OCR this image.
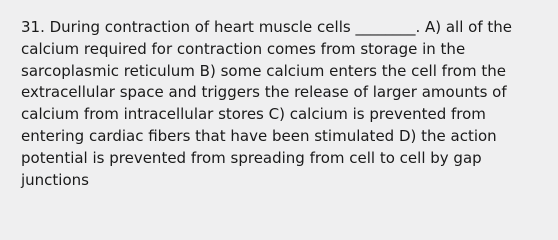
31. During contraction of heart muscle cells ________. A) all of the
calcium required for contraction comes from storage in the
sarcoplasmic reticulum B) some calcium enters the cell from the
extracellular space and triggers the release of larger amounts of
calcium from intracellular stores C) calcium is prevented from
entering cardiac fibers that have been stimulated D) the action
potential is prevented from spreading from cell to cell by gap
junctions
